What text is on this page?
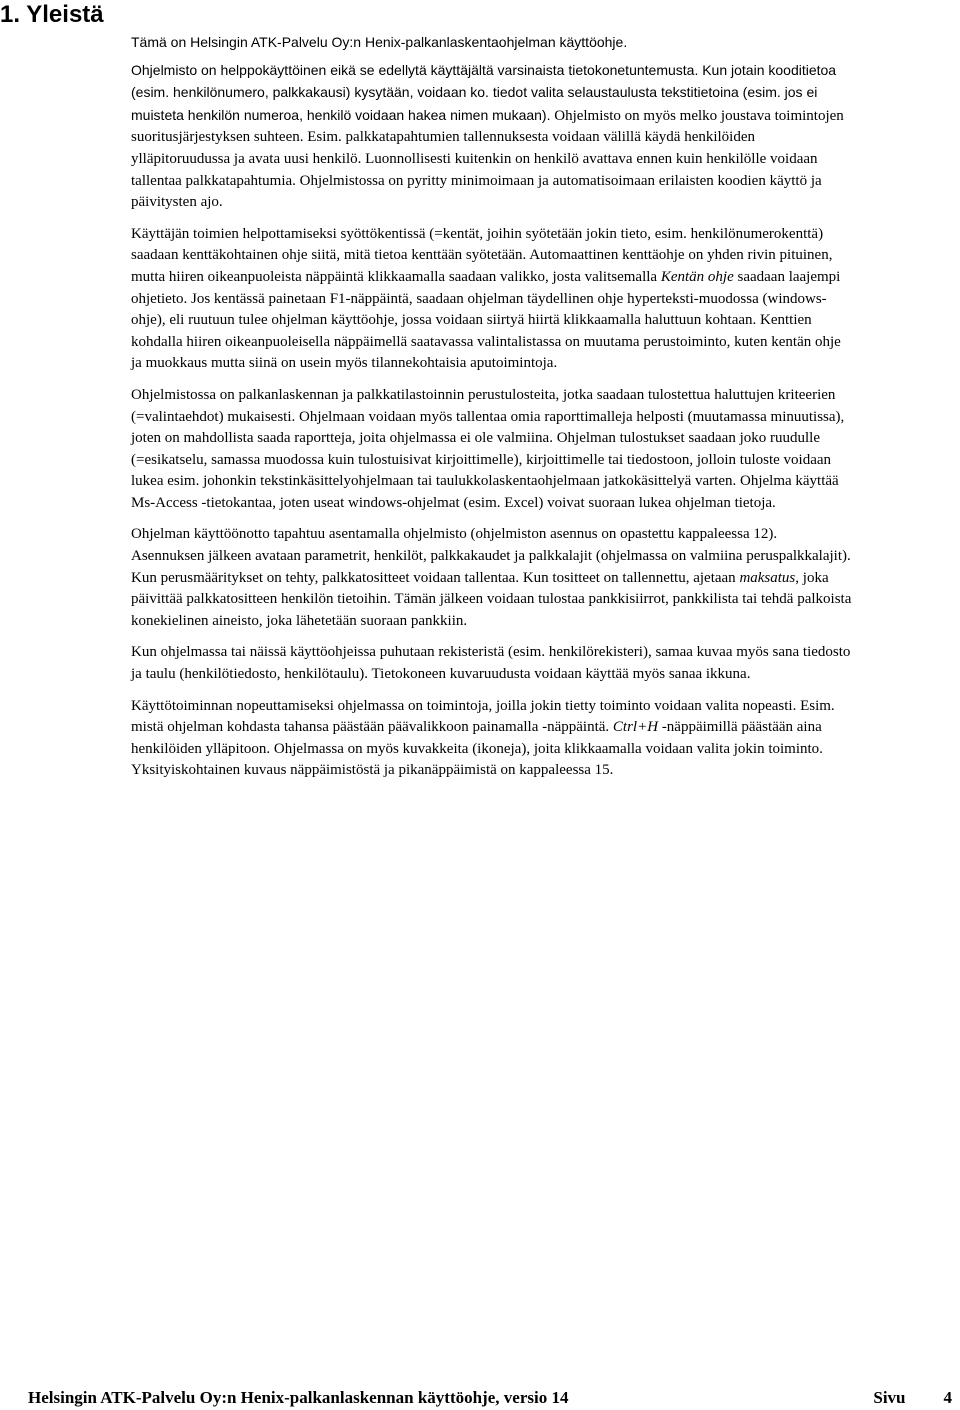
1. Yleistä

Tämä on Helsingin ATK-Palvelu Oy:n Henix-palkanlaskentaohjelman käyttöohje.

Ohjelmisto on helppokäyttöinen eikä se edellytä käyttäjältä varsinaista tietokonetuntemusta. Kun jotain kooditietoa (esim. henkilönumero, palkkakausi) kysytään, voidaan ko. tiedot valita selaustaulusta tekstitietoina (esim. jos ei muisteta henkilön numeroa, henkilö voidaan hakea nimen mukaan). Ohjelmisto on myös melko joustava toimintojen suoritusjärjestyksen suhteen. Esim. palkkatapahtumien tallennuksesta voidaan välillä käydä henkilöiden ylläpitoruudussa ja avata uusi henkilö. Luonnollisesti kuitenkin on henkilö avattava ennen kuin henkilölle voidaan tallentaa palkkatapahtumia. Ohjelmistossa on pyritty minimoimaan ja automatisoimaan erilaisten koodien käyttö ja päivitysten ajo.

Käyttäjän toimien helpottamiseksi syöttökentissä (=kentät, joihin syötetään jokin tieto, esim. henkilönumerokenttä) saadaan kenttäkohtainen ohje siitä, mitä tietoa kenttään syötetään. Automaattinen kenttäohje on yhden rivin pituinen, mutta hiiren oikeanpuoleista näppäintä klikkaamalla saadaan valikko, josta valitsemalla Kentän ohje saadaan laajempi ohjetieto. Jos kentässä painetaan F1-näppäintä, saadaan ohjelman täydellinen ohje hyperteksti-muodossa (windows-ohje), eli ruutuun tulee ohjelman käyttöohje, jossa voidaan siirtyä hiirtä klikkaamalla haluttuun kohtaan. Kenttien kohdalla hiiren oikeanpuoleisella näppäimellä saatavassa valintalistassa on muutama perustoiminto, kuten kentän ohje ja muokkaus mutta siinä on usein myös tilannekohtaisia aputoimintoja.

Ohjelmistossa on palkanlaskennan ja palkkatilastoinnin perustulosteita, jotka saadaan tulostettua haluttujen kriteerien (=valintaehdot) mukaisesti. Ohjelmaan voidaan myös tallentaa omia raporttimalleja helposti (muutamassa minuutissa), joten on mahdollista saada raportteja, joita ohjelmassa ei ole valmiina. Ohjelman tulostukset saadaan joko ruudulle (=esikatselu, samassa muodossa kuin tulostuisivat kirjoittimelle), kirjoittimelle tai tiedostoon, jolloin tuloste voidaan lukea esim. johonkin tekstinkäsittelyohjelmaan tai taulukkolaskentaohjelmaan jatkokäsittelyä varten. Ohjelma käyttää Ms-Access -tietokantaa, joten useat windows-ohjelmat (esim. Excel) voivat suoraan lukea ohjelman tietoja.

Ohjelman käyttöönotto tapahtuu asentamalla ohjelmisto (ohjelmiston asennus on opastettu kappaleessa 12). Asennuksen jälkeen avataan parametrit, henkilöt, palkkakaudet ja palkkalajit (ohjelmassa on valmiina peruspalkkalajit). Kun perusmääritykset on tehty, palkkatositteet voidaan tallentaa. Kun tositteet on tallennettu, ajetaan maksatus, joka päivittää palkkatositteen henkilön tietoihin. Tämän jälkeen voidaan tulostaa pankkisiirrot, pankkilista tai tehdä palkoista konekielinen aineisto, joka lähetetään suoraan pankkiin.

Kun ohjelmassa tai näissä käyttöohjeissa puhutaan rekisteristä (esim. henkilörekisteri), samaa kuvaa myös sana tiedosto ja taulu (henkilötiedosto, henkilötaulu). Tietokoneen kuvaruudusta voidaan käyttää myös sanaa ikkuna.

Käyttötoiminnan nopeuttamiseksi ohjelmassa on toimintoja, joilla jokin tietty toiminto voidaan valita nopeasti. Esim. mistä ohjelman kohdasta tahansa päästään päävalikkoon painamalla -näppäintä. Ctrl+H -näppäimillä päästään aina henkilöiden ylläpitoon. Ohjelmassa on myös kuvakkeita (ikoneja), joita klikkaamalla voidaan valita jokin toiminto. Yksityiskohtainen kuvaus näppäimistöstä ja pikanäppäimistä on kappaleessa 15.

Helsingin ATK-Palvelu Oy:n Henix-palkanlaskennan käyttöohje, versio 14	Sivu 4
